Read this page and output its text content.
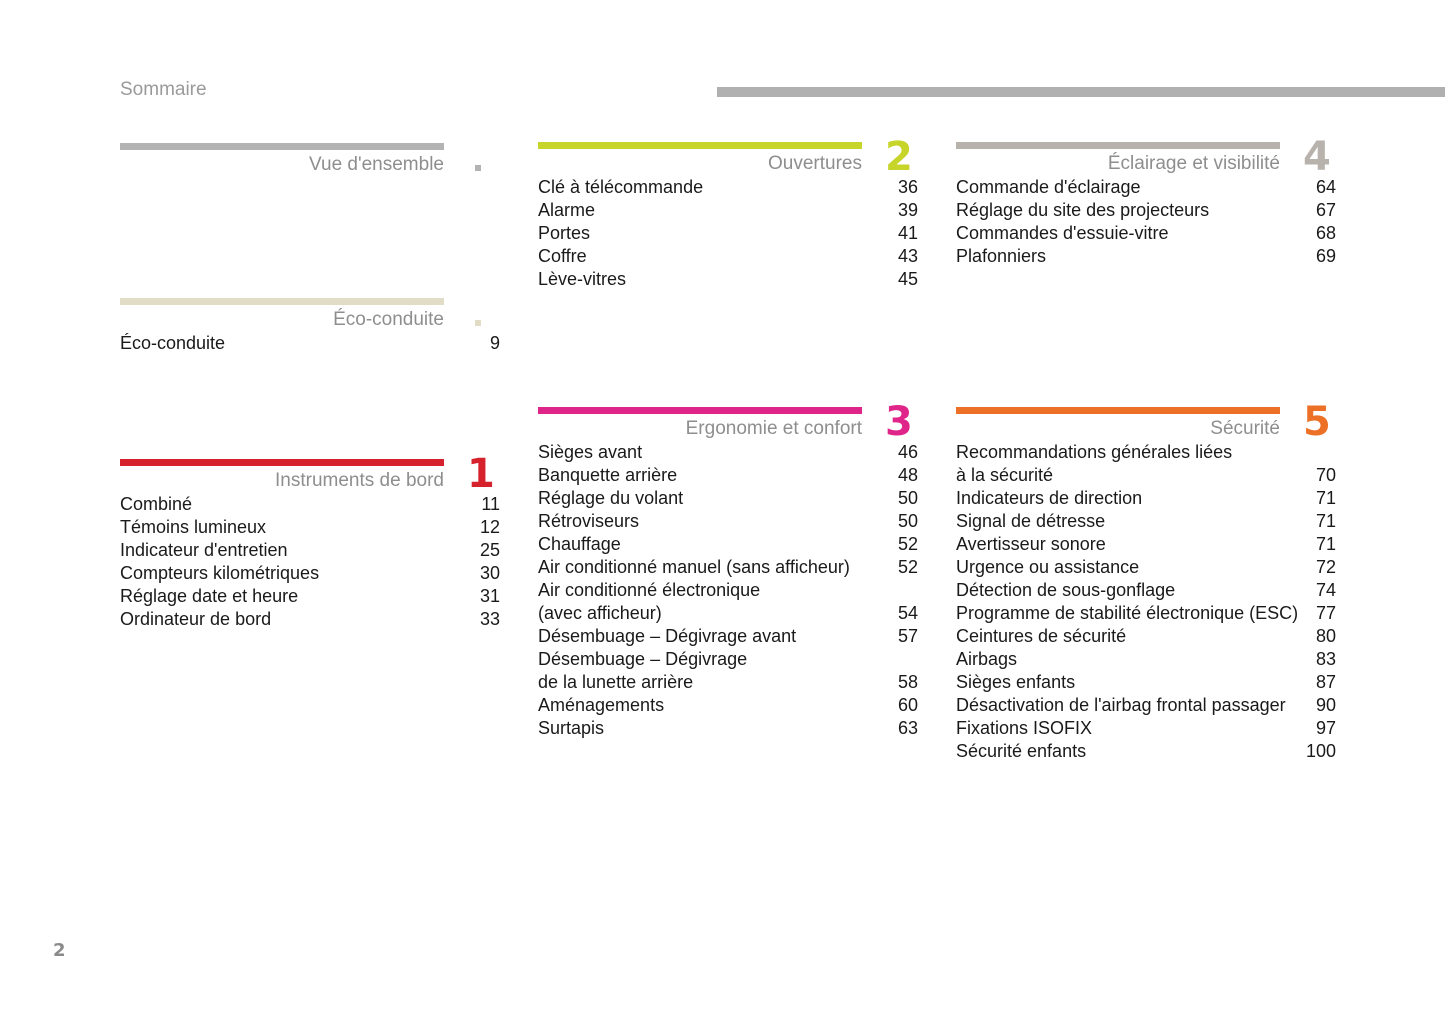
Sommaire
Vue d'ensemble
Éco-conduite
Éco-conduite	9
Instruments de bord 1
Combiné	11
Témoins lumineux	12
Indicateur d'entretien	25
Compteurs kilométriques	30
Réglage date et heure	31
Ordinateur de bord	33
Ouvertures 2
Clé à télécommande	36
Alarme	39
Portes	41
Coffre	43
Lève-vitres	45
Ergonomie et confort 3
Sièges avant	46
Banquette arrière	48
Réglage du volant	50
Rétroviseurs	50
Chauffage	52
Air conditionné manuel (sans afficheur)	52
Air conditionné électronique
(avec afficheur)	54
Désembuage – Dégivrage avant	57
Désembuage – Dégivrage
de la lunette arrière	58
Aménagements	60
Surtapis	63
Éclairage et visibilité 4
Commande d'éclairage	64
Réglage du site des projecteurs	67
Commandes d'essuie-vitre	68
Plafonniers	69
Sécurité 5
Recommandations générales liées
à la sécurité	70
Indicateurs de direction	71
Signal de détresse	71
Avertisseur sonore	71
Urgence ou assistance	72
Détection de sous-gonflage	74
Programme de stabilité électronique (ESC) 77
Ceintures de sécurité	80
Airbags	83
Sièges enfants	87
Désactivation de l'airbag frontal passager	90
Fixations ISOFIX	97
Sécurité enfants	100
2
